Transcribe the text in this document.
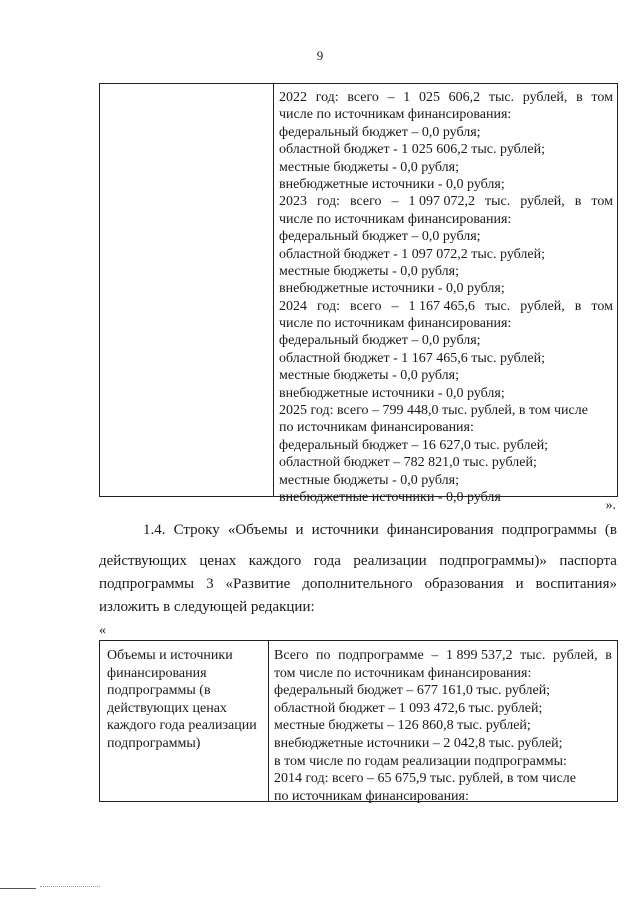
9
2022 год: всего – 1 025 606,2 тыс. рублей, в том
числе по источникам финансирования:
федеральный бюджет – 0,0 рубля;
областной бюджет - 1 025 606,2 тыс. рублей;
местные бюджеты - 0,0 рубля;
внебюджетные источники - 0,0 рубля;
2023 год: всего – 1 097 072,2 тыс. рублей, в том
числе по источникам финансирования:
федеральный бюджет – 0,0 рубля;
областной бюджет - 1 097 072,2 тыс. рублей;
местные бюджеты - 0,0 рубля;
внебюджетные источники - 0,0 рубля;
2024 год: всего – 1 167 465,6 тыс. рублей, в том
числе по источникам финансирования:
федеральный бюджет – 0,0 рубля;
областной бюджет - 1 167 465,6 тыс. рублей;
местные бюджеты - 0,0 рубля;
внебюджетные источники - 0,0 рубля;
2025 год: всего – 799 448,0 тыс. рублей, в том числе
по источникам финансирования:
федеральный бюджет – 16 627,0 тыс. рублей;
областной бюджет – 782 821,0 тыс. рублей;
местные бюджеты - 0,0 рубля;
внебюджетные источники - 0,0 рубля
».
1.4. Строку «Объемы и источники финансирования подпрограммы (в
действующих ценах каждого года реализации подпрограммы)» паспорта
подпрограммы 3 «Развитие дополнительного образования и воспитания»
изложить в следующей редакции:
«
Объемы и источники
финансирования
подпрограммы (в
действующих ценах
каждого года реализации
подпрограммы)
Всего по подпрограмме – 1 899 537,2 тыс. рублей, в
том числе по источникам финансирования:
федеральный бюджет – 677 161,0 тыс. рублей;
областной бюджет – 1 093 472,6 тыс. рублей;
местные бюджеты – 126 860,8 тыс. рублей;
внебюджетные источники – 2 042,8 тыс. рублей;
в том числе по годам реализации подпрограммы:
2014 год: всего – 65 675,9 тыс. рублей, в том числе
по источникам финансирования:
